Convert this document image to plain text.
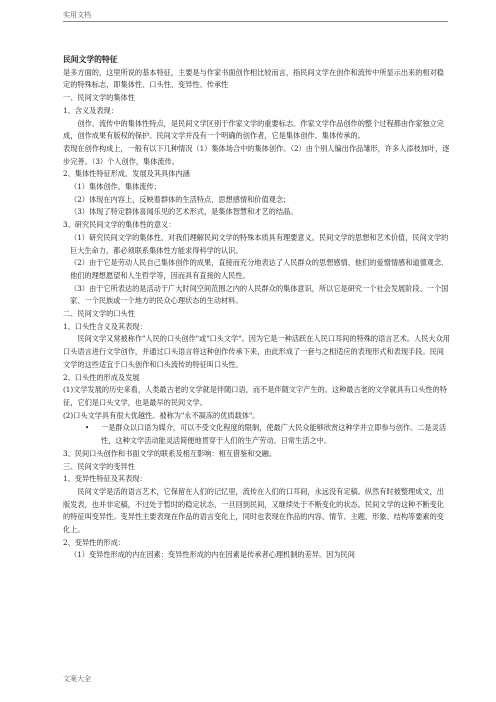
实用文档

民间文学的特征

是多方面的，这里所说的基本特征，主要是与作家书面创作相比较而言，指民间文学在创作和流传中所显示出来的相对稳定的特殊标志，即集体性、口头性、变异性、传承性

一、民间文学的集体性

1、含义及表现：

创作、流传中的集体性特点，是民间文学区别于作家文学的重要标志。作家文学作品创作的整个过程都由作家独立完成，创作成果有版权的保护。民间文学并没有一个明确的创作者，它是集体创作、集体传承的。

表现在创作构成上，一般有以下几种情况（1）集体场合中的集体创作。（2）由个别人编出作品雏形，许多人添枝加叶，逐步完善。（3）个人创作，集体流传。

2、集体性特征形成、发展及其具体内涵

（1）集体创作，集体流传；

（2）体现在内容上，反映着群体的生活特点、思想感情和价值观念；

（3）体现了特定群体喜闻乐见的艺术形式，是集体智慧和才艺的结晶。

3、研究民间文学的集体性的意义：

（1）研究民间文学的集体性，对我们理解民间文学的特殊本质具有理要意义。民间文学的思想和艺术价值，民间文学的巨大生命力，都必须联系集体性方能求得科学的认识。

（2）由于它是劳动人民自己集体创作的成果，直接而充分地表达了人民群众的思想感情、他们的爱憎情感和道德观念、他们的理想愿望和人生哲学等，因而具有直接的人民性。

（3）由于它所表达的是活动于广大时间空间范围之内的人民群众的集体意识，所以它是研究一个社会发展阶段、一个国家、一个民族或一个地方的民众心理状态的生动材料。

二、民间文学的口头性

1、口头性含义及其表现：

民间文学又常被称作"人民的口头创作"或"口头文学"。因为它是一种活跃在人民口耳间的特殊的语言艺术。人民大众用口头语言进行文学创作，并通过口头语言将这种创作传承下来，由此形成了一套与之相适应的表现形式和表现手段。民间文学的这些适宜于口头创作和口头流传的特征叫口头性。

2、口头性的形成及发展

(1)文学发展的历史来看，人类最古老的文学就是伴随口语，而不是伴随文字产生的。这种最古老的文学就具有口头性的特征，它们是口头文学，也是最早的民间文学。

(2)口头文学具有很大优越性。被称为"永不凝冻的优质载体"。

•	一是群众以口语为媒介，可以不受文化程度的限制，使最广大民众能够欣赏这种学并立即参与创作。二是灵活性，这种文学活动能灵活简便地贯穿于人们的生产劳动、日常生活之中。

3、民间口头创作和书面文学的联系及相互影响：相互借鉴和交融。

三、民间文学的变异性

1、变异性特征及其表现：

民间文学是活的语言艺术，它保留在人们的记忆里，流传在人们的口耳间，永远没有定稿。纵然有时被整理成文，出版发表，也并非定稿，不过处于暂时的稳定状态，一旦回到民间，又继续处于不断变化的状态。民间文学的这种不断变化的特征叫变异性。变异性主要表现在作品的语言变化上，同时也表现在作品的内容、情节、主题、形象、结构等要素的变化上。

2、变异性的形成：

（1）变异性形成的内在因素：变异性形成的内在因素是传承者心理机制的差异。因为民间

文案大全
